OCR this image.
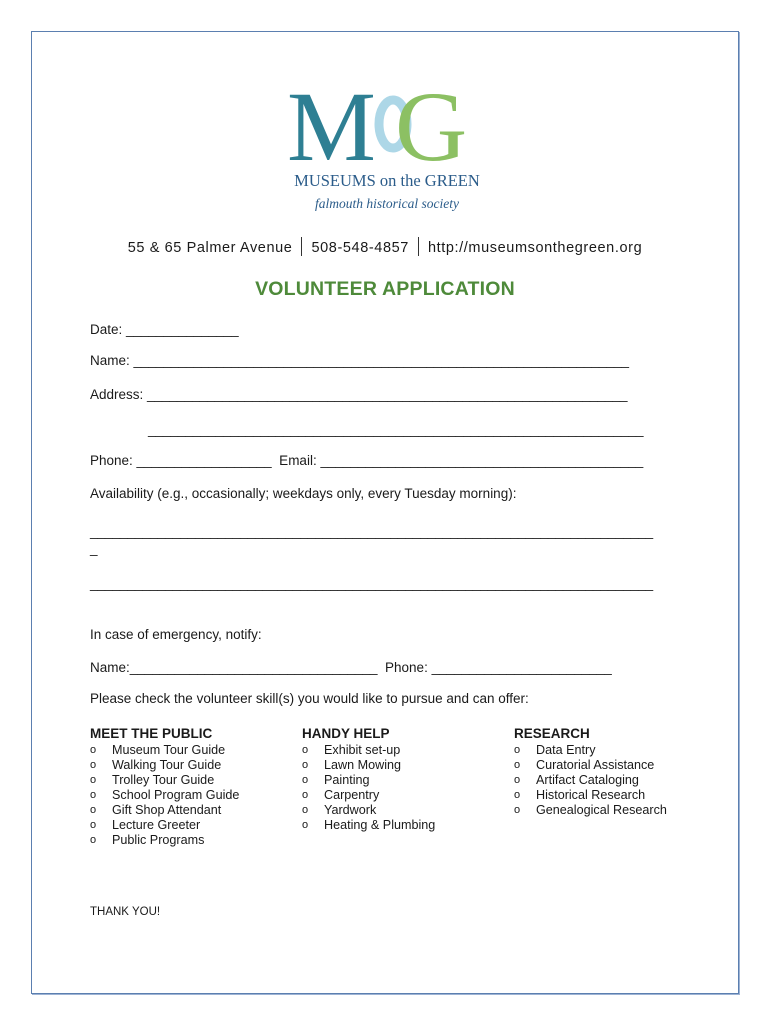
M G
MUSEUMS on the GREEN
falmouth historical society
55 & 65 Palmer Avenue 508-548-4857 http://museumsonthegreen.org
VOLUNTEER APPLICATION
Date: _______________
Name: __________________________________________________________________
Address: ________________________________________________________________
__________________________________________________________________
Phone: __________________  Email: ___________________________________________
Availability (e.g., occasionally; weekdays only, every Tuesday morning):
___________________________________________________________________________
_
___________________________________________________________________________
In case of emergency, notify:
Name:_________________________________  Phone: ________________________
Please check the volunteer skill(s) you would like to pursue and can offer:
MEET THE PUBLIC
o Museum Tour Guide
o Walking Tour Guide
o Trolley Tour Guide
o School Program Guide
o Gift Shop Attendant
o Lecture Greeter
o Public Programs
HANDY HELP
o Exhibit set-up
o Lawn Mowing
o Painting
o Carpentry
o Yardwork
o Heating & Plumbing
RESEARCH
o Data Entry
o Curatorial Assistance
o Artifact Cataloging
o Historical Research
o Genealogical Research
THANK YOU!
